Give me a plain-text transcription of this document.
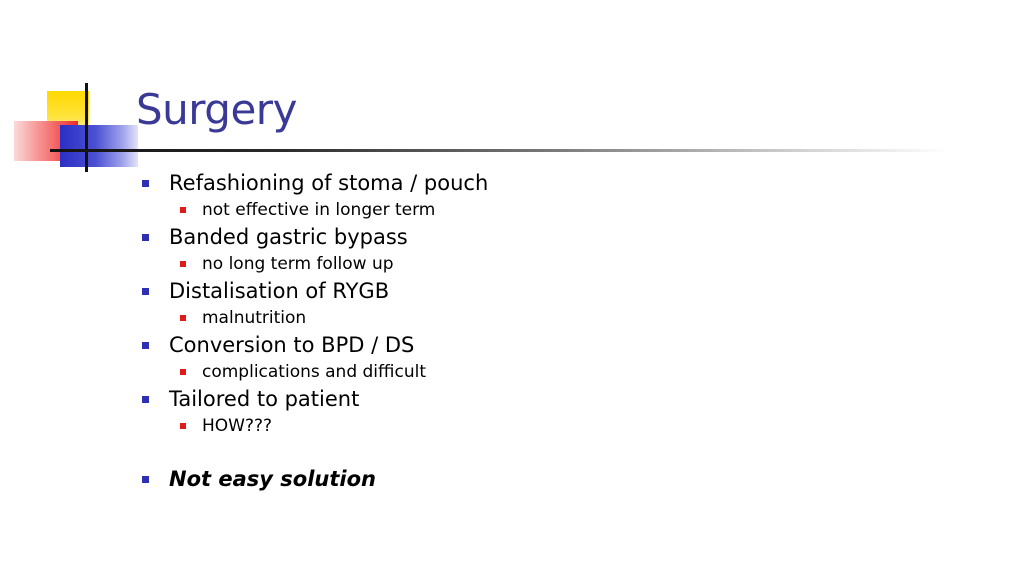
Surgery
Refashioning of stoma / pouch
not effective in longer term
Banded gastric bypass
no long term follow up
Distalisation of RYGB
malnutrition
Conversion to BPD / DS
complications and difficult
Tailored to patient
HOW???
Not easy solution
